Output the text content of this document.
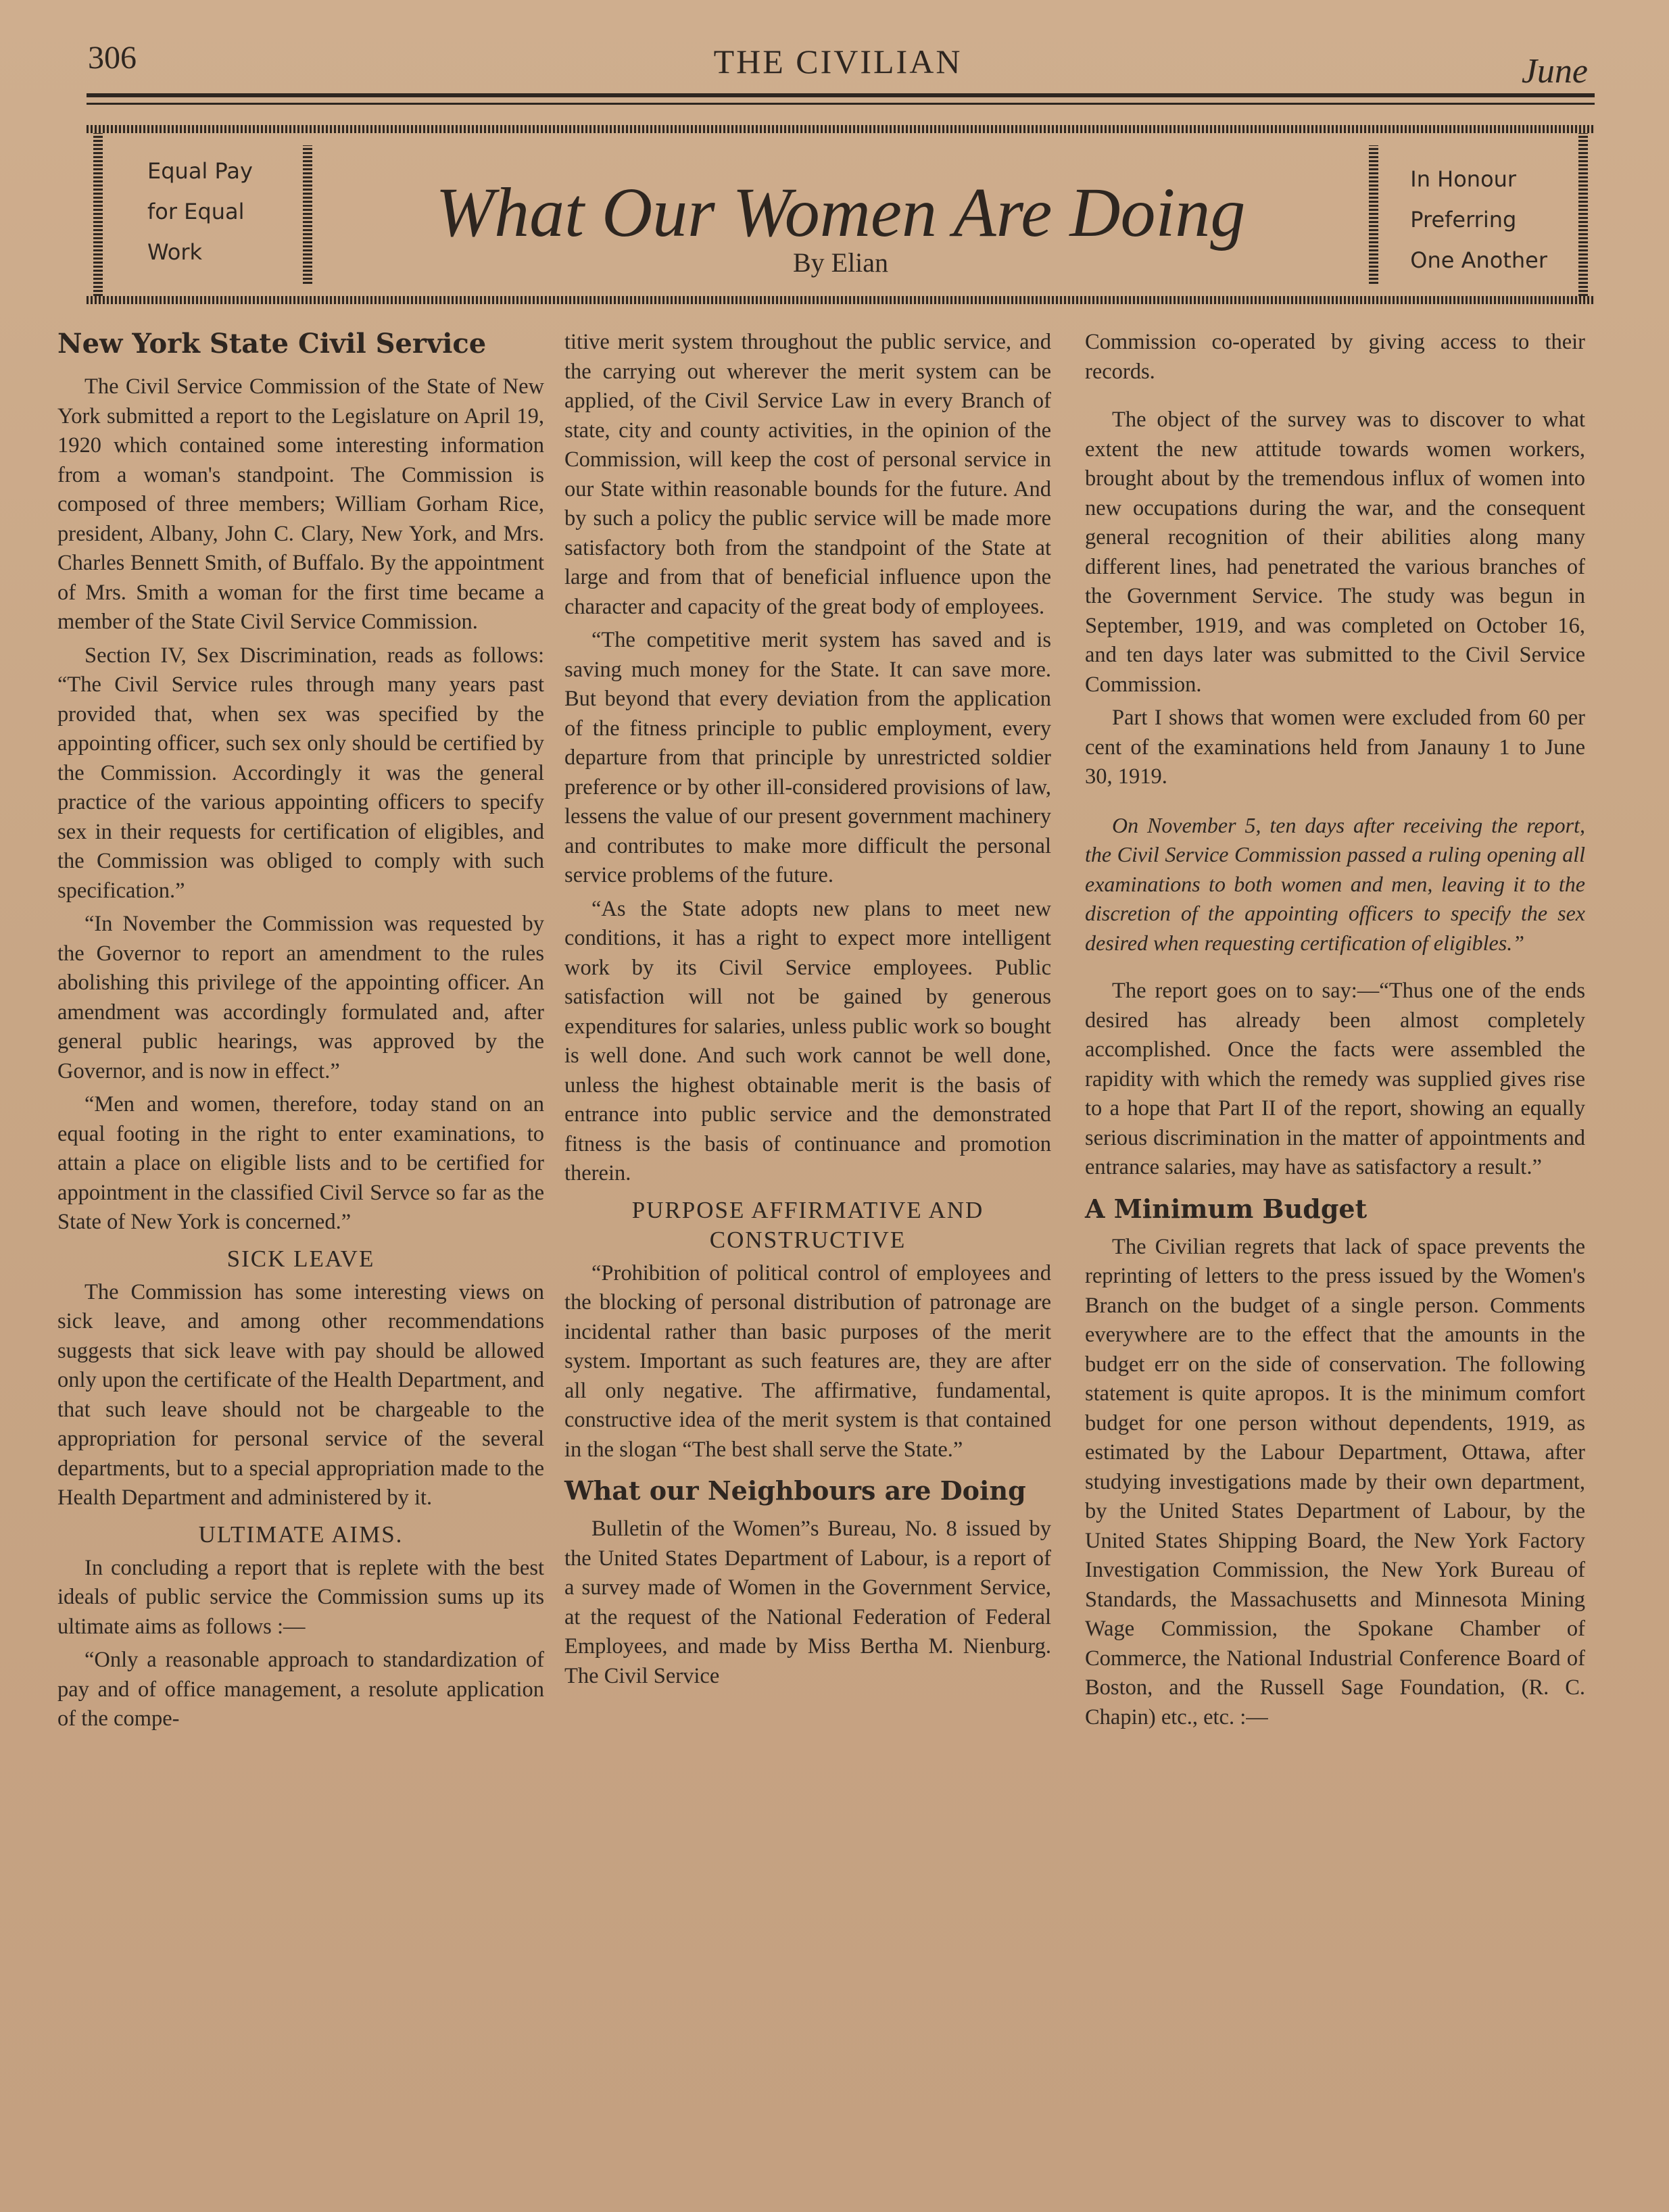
306	THE CIVILIAN	June
Equal Pay
for Equal
Work
What Our Women Are Doing
By Elian
In Honour
Preferring
One Another
New York State Civil Service

The Civil Service Commission of the State of New York submitted a report to the Legislature on April 19, 1920 which contained some interesting information from a woman's standpoint. The Commission is composed of three members; William Gorham Rice, president, Albany, John C. Clary, New York, and Mrs. Charles Bennett Smith, of Buffalo. By the appointment of Mrs. Smith a woman for the first time became a member of the State Civil Service Commission.

Section IV, Sex Discrimination, reads as follows: “The Civil Service rules through many years past provided that, when sex was specified by the appointing officer, such sex only should be certified by the Commission. Accordingly it was the general practice of the various appointing officers to specify sex in their requests for certification of eligibles, and the Commission was obliged to comply with such specification.”

“In November the Commission was requested by the Governor to report an amendment to the rules abolishing this privilege of the appointing officer. An amendment was accordingly formulated and, after general public hearings, was approved by the Governor, and is now in effect.”

“Men and women, therefore, today stand on an equal footing in the right to enter examinations, to attain a place on eligible lists and to be certified for appointment in the classified Civil Servce so far as the State of New York is concerned.”

SICK LEAVE

The Commission has some interesting views on sick leave, and among other recommendations suggests that sick leave with pay should be allowed only upon the certificate of the Health Department, and that such leave should not be chargeable to the appropriation for personal service of the several departments, but to a special appropriation made to the Health Department and administered by it.

ULTIMATE AIMS.

In concluding a report that is replete with the best ideals of public service the Commission sums up its ultimate aims as follows :—

“Only a reasonable approach to standardization of pay and of office management, a resolute application of the compe-

titive merit system throughout the public service, and the carrying out wherever the merit system can be applied, of the Civil Service Law in every Branch of state, city and county activities, in the opinion of the Commission, will keep the cost of personal service in our State within reasonable bounds for the future. And by such a policy the public service will be made more satisfactory both from the standpoint of the State at large and from that of beneficial influence upon the character and capacity of the great body of employees.

“The competitive merit system has saved and is saving much money for the State. It can save more. But beyond that every deviation from the application of the fitness principle to public employment, every departure from that principle by unrestricted soldier preference or by other ill-considered provisions of law, lessens the value of our present government machinery and contributes to make more difficult the personal service problems of the future.

“As the State adopts new plans to meet new conditions, it has a right to expect more intelligent work by its Civil Service employees. Public satisfaction will not be gained by generous expenditures for salaries, unless public work so bought is well done. And such work cannot be well done, unless the highest obtainable merit is the basis of entrance into public service and the demonstrated fitness is the basis of continuance and promotion therein.

PURPOSE AFFIRMATIVE AND CONSTRUCTIVE

“Prohibition of political control of employees and the blocking of personal distribution of patronage are incidental rather than basic purposes of the merit system. Important as such features are, they are after all only negative. The affirmative, fundamental, constructive idea of the merit system is that contained in the slogan “The best shall serve the State.”

What our Neighbours are Doing

Bulletin of the Women”s Bureau, No. 8 issued by the United States Department of Labour, is a report of a survey made of Women in the Government Service, at the request of the National Federation of Federal Employees, and made by Miss Bertha M. Nienburg. The Civil Service

Commission co-operated by giving access to their records.

The object of the survey was to discover to what extent the new attitude towards women workers, brought about by the tremendous influx of women into new occupations during the war, and the consequent general recognition of their abilities along many different lines, had penetrated the various branches of the Government Service. The study was begun in September, 1919, and was completed on October 16, and ten days later was submitted to the Civil Service Commission.

Part I shows that women were excluded from 60 per cent of the examinations held from Janauny 1 to June 30, 1919.

On November 5, ten days after receiving the report, the Civil Service Commission passed a ruling opening all examinations to both women and men, leaving it to the discretion of the appointing officers to specify the sex desired when requesting certification of eligibles.”

The report goes on to say:—“Thus one of the ends desired has already been almost completely accomplished. Once the facts were assembled the rapidity with which the remedy was supplied gives rise to a hope that Part II of the report, showing an equally serious discrimination in the matter of appointments and entrance salaries, may have as satisfactory a result.”

A Minimum Budget

The Civilian regrets that lack of space prevents the reprinting of letters to the press issued by the Women's Branch on the budget of a single person. Comments everywhere are to the effect that the amounts in the budget err on the side of conservation. The following statement is quite apropos. It is the minimum comfort budget for one person without dependents, 1919, as estimated by the Labour Department, Ottawa, after studying investigations made by their own department, by the United States Department of Labour, by the United States Shipping Board, the New York Factory Investigation Commission, the New York Bureau of Standards, the Massachusetts and Minnesota Mining Wage Commission, the Spokane Chamber of Commerce, the National Industrial Conference Board of Boston, and the Russell Sage Foundation, (R. C. Chapin) etc., etc. :—
